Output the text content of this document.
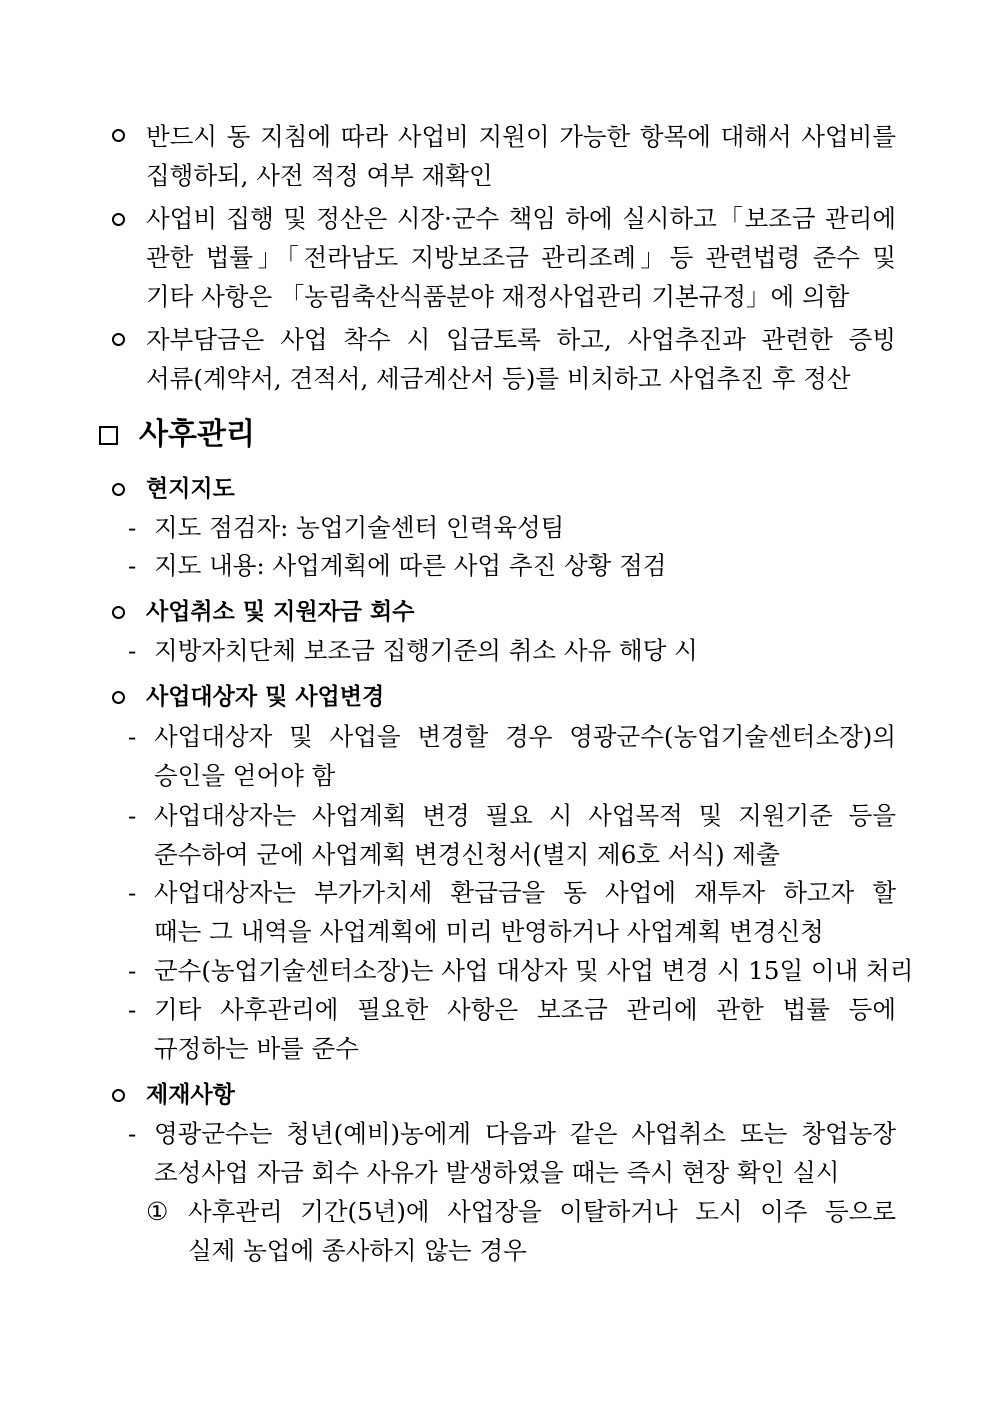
반드시 동 지침에 따라 사업비 지원이 가능한 항목에 대해서 사업비를
집행하되, 사전 적정 여부 재확인
사업비 집행 및 정산은 시장·군수 책임 하에 실시하고「보조금 관리에
관한 법률」「전라남도 지방보조금 관리조례」등 관련법령 준수 및
기타 사항은 「농림축산식품분야 재정사업관리 기본규정」에 의함
자부담금은 사업 착수 시 입금토록 하고, 사업추진과 관련한 증빙
서류(계약서, 견적서, 세금계산서 등)를 비치하고 사업추진 후 정산
사후관리
현지지도
- 지도 점검자: 농업기술센터 인력육성팀
- 지도 내용: 사업계획에 따른 사업 추진 상황 점검
사업취소 및 지원자금 회수
- 지방자치단체 보조금 집행기준의 취소 사유 해당 시
사업대상자 및 사업변경
- 사업대상자 및 사업을 변경할 경우 영광군수(농업기술센터소장)의
승인을 얻어야 함
- 사업대상자는 사업계획 변경 필요 시 사업목적 및 지원기준 등을
준수하여 군에 사업계획 변경신청서(별지 제6호 서식) 제출
- 사업대상자는 부가가치세 환급금을 동 사업에 재투자 하고자 할
때는 그 내역을 사업계획에 미리 반영하거나 사업계획 변경신청
- 군수(농업기술센터소장)는 사업 대상자 및 사업 변경 시 15일 이내 처리
- 기타 사후관리에 필요한 사항은 보조금 관리에 관한 법률 등에
규정하는 바를 준수
제재사항
- 영광군수는 청년(예비)농에게 다음과 같은 사업취소 또는 창업농장
조성사업 자금 회수 사유가 발생하였을 때는 즉시 현장 확인 실시
① 사후관리 기간(5년)에 사업장을 이탈하거나 도시 이주 등으로
실제 농업에 종사하지 않는 경우
